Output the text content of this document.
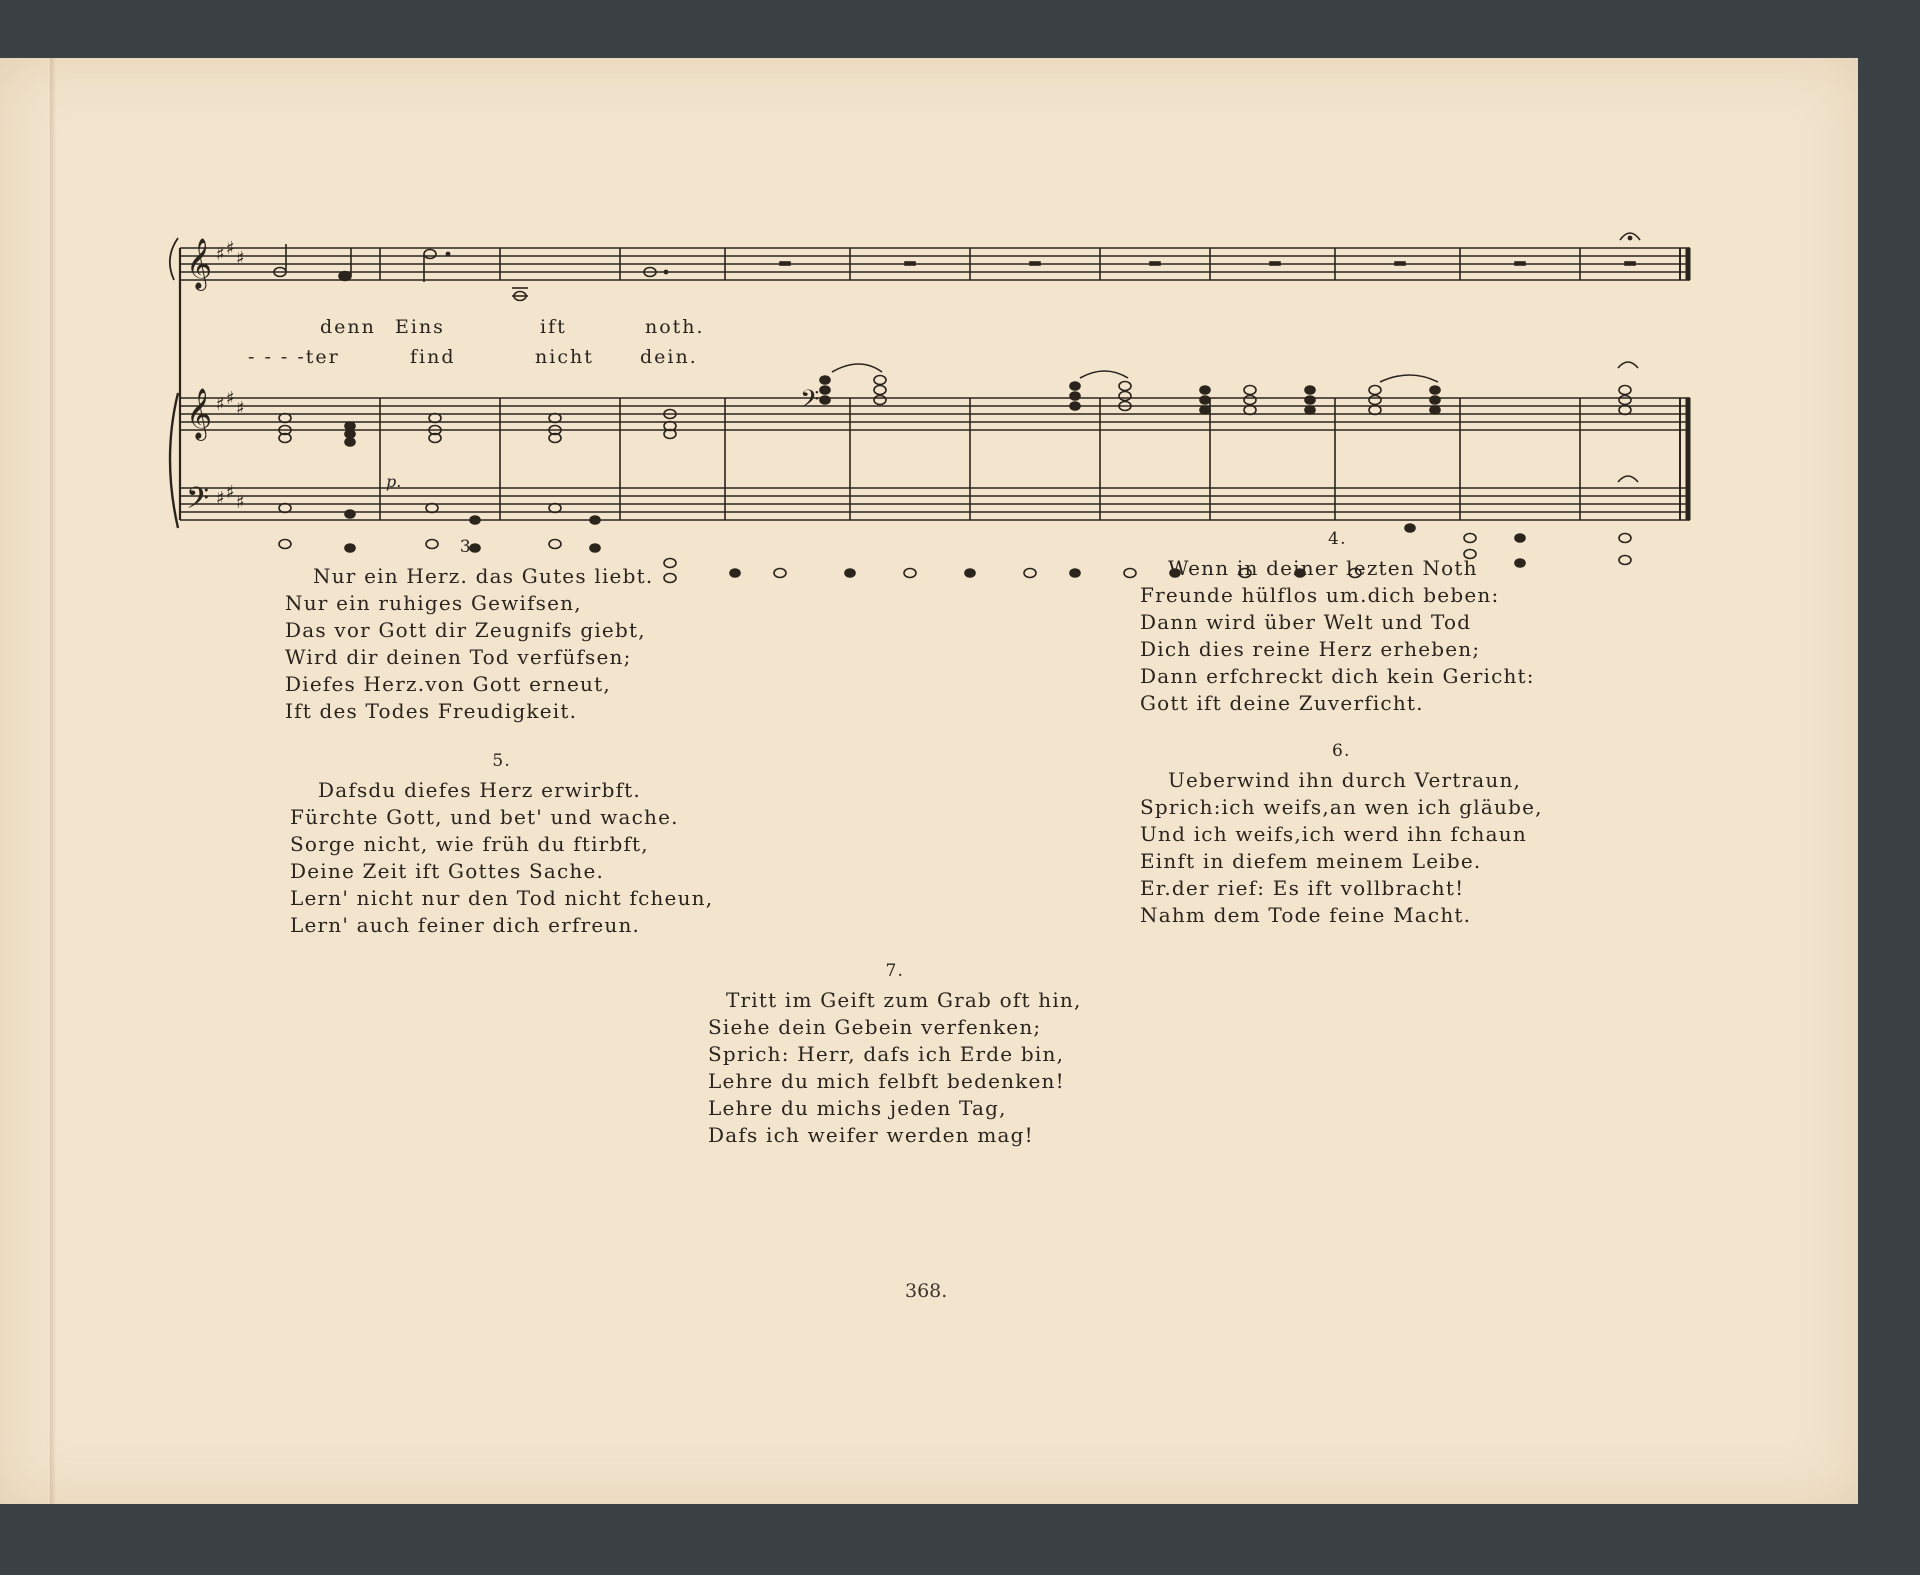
𝄞 ♯ ♯ ♯
𝄞 ♯ ♯ ♯
𝄢 ♯ ♯ ♯
𝄢
denn Eins	ift	noth.
- - - -ter	find	nicht dein.
p.
3.
Nur ein Herz. das Gutes liebt.
Nur ein ruhiges Gewifsen,
Das vor Gott dir Zeugnifs giebt,
Wird dir deinen Tod verfüfsen;
Diefes Herz.von Gott erneut,
Ift des Todes Freudigkeit.
4.
Wenn in deiner lezten Noth
Freunde hülflos um.dich beben:
Dann wird über Welt und Tod
Dich dies reine Herz erheben;
Dann erfchreckt dich kein Gericht:
Gott ift deine Zuverficht.
5.
Dafsdu diefes Herz erwirbft.
Fürchte Gott, und bet' und wache.
Sorge nicht, wie früh du ftirbft,
Deine Zeit ift Gottes Sache.
Lern' nicht nur den Tod nicht fcheun,
Lern' auch feiner dich erfreun.
6.
Ueberwind ihn durch Vertraun,
Sprich:ich weifs,an wen ich gläube,
Und ich weifs,ich werd ihn fchaun
Einft in diefem meinem Leibe.
Er.der rief: Es ift vollbracht!
Nahm dem Tode feine Macht.
7.
Tritt im Geift zum Grab oft hin,
Siehe dein Gebein verfenken;
Sprich: Herr, dafs ich Erde bin,
Lehre du mich felbft bedenken!
Lehre du michs jeden Tag,
Dafs ich weifer werden mag!
368.
